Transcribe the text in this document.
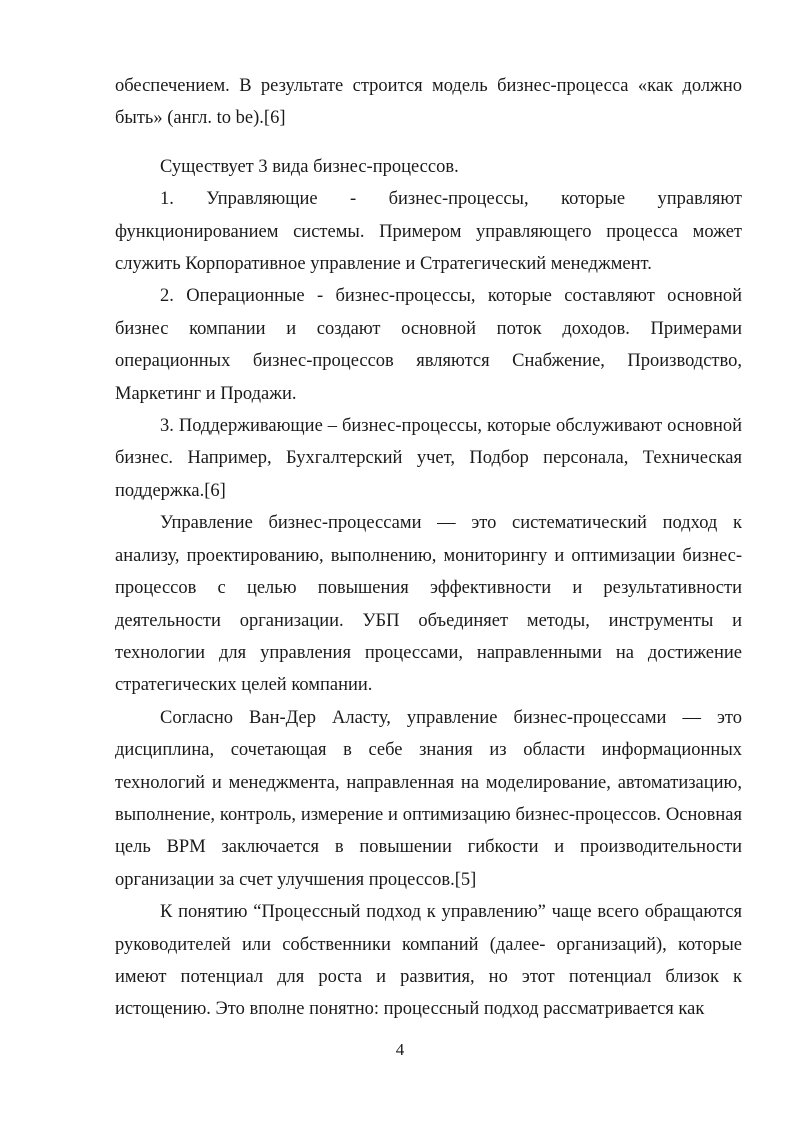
обеспечением. В результате строится модель бизнес-процесса «как должно быть» (англ. to be).[6]

Существует 3 вида бизнес-процессов.

1. Управляющие - бизнес-процессы, которые управляют функционированием системы. Примером управляющего процесса может служить Корпоративное управление и Стратегический менеджмент.

2. Операционные - бизнес-процессы, которые составляют основной бизнес компании и создают основной поток доходов. Примерами операционных бизнес-процессов являются Снабжение, Производство, Маркетинг и Продажи.

3. Поддерживающие – бизнес-процессы, которые обслуживают основной бизнес. Например, Бухгалтерский учет, Подбор персонала, Техническая поддержка.[6]

Управление бизнес-процессами — это систематический подход к анализу, проектированию, выполнению, мониторингу и оптимизации бизнес-процессов с целью повышения эффективности и результативности деятельности организации. УБП объединяет методы, инструменты и технологии для управления процессами, направленными на достижение стратегических целей компании.

Согласно Ван-Дер Аласту, управление бизнес-процессами — это дисциплина, сочетающая в себе знания из области информационных технологий и менеджмента, направленная на моделирование, автоматизацию, выполнение, контроль, измерение и оптимизацию бизнес-процессов. Основная цель BPM заключается в повышении гибкости и производительности организации за счет улучшения процессов.[5]

К понятию “Процессный подход к управлению” чаще всего обращаются руководителей или собственники компаний (далее- организаций), которые имеют потенциал для роста и развития, но этот потенциал близок к истощению. Это вполне понятно: процессный подход рассматривается как

4
